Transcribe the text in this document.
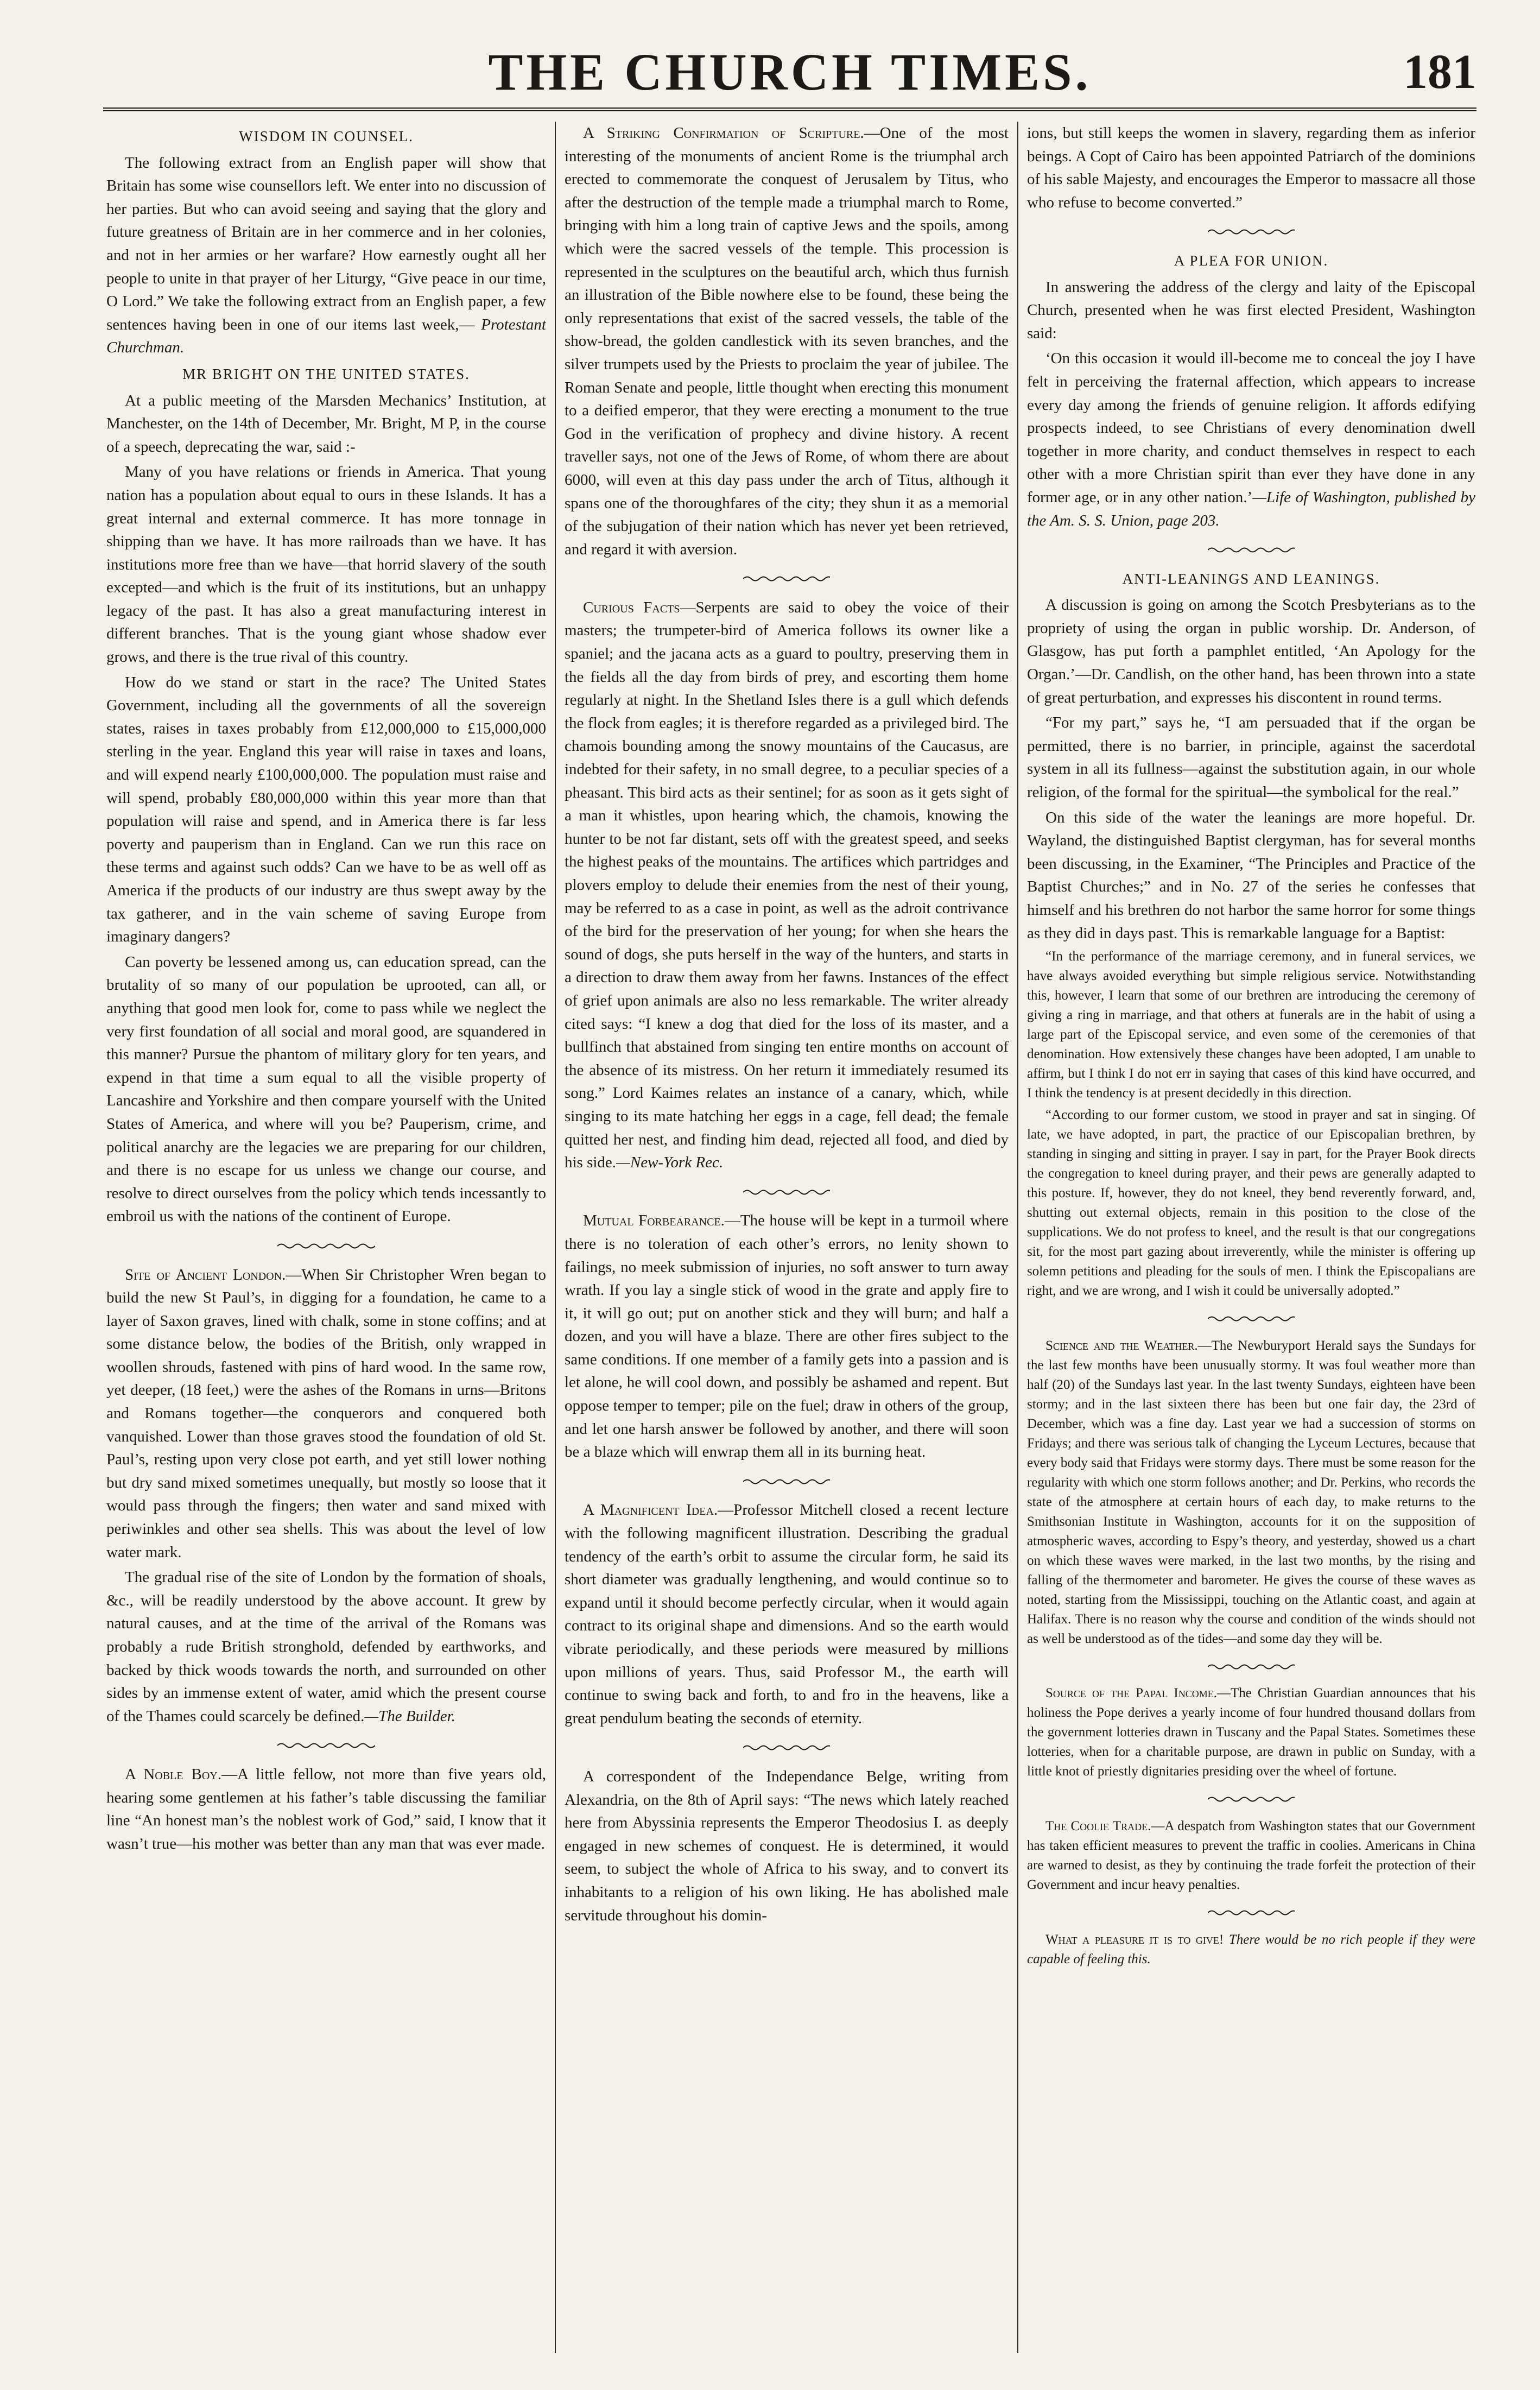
THE CHURCH TIMES.	181
WISDOM IN COUNSEL.

The following extract from an English paper will show that Britain has some wise counsellors left. We enter into no discussion of her parties. But who can avoid seeing and saying that the glory and future greatness of Britain are in her commerce and in her colonies, and not in her armies or her warfare? How earnestly ought all her people to unite in that prayer of her Liturgy, “Give peace in our time, O Lord.” We take the following extract from an English paper, a few sentences having been in one of our items last week,— Protestant Churchman.

MR BRIGHT ON THE UNITED STATES.

At a public meeting of the Marsden Mechanics’ Institution, at Manchester, on the 14th of December, Mr. Bright, M P, in the course of a speech, deprecating the war, said :-

Many of you have relations or friends in America. That young nation has a population about equal to ours in these Islands. It has a great internal and external commerce. It has more tonnage in shipping than we have. It has more railroads than we have. It has institutions more free than we have—that horrid slavery of the south excepted—and which is the fruit of its institutions, but an unhappy legacy of the past. It has also a great manufacturing interest in different branches. That is the young giant whose shadow ever grows, and there is the true rival of this country.

How do we stand or start in the race? The United States Government, including all the governments of all the sovereign states, raises in taxes probably from £12,000,000 to £15,000,000 sterling in the year. England this year will raise in taxes and loans, and will expend nearly £100,000,000. The population must raise and will spend, probably £80,000,000 within this year more than that population will raise and spend, and in America there is far less poverty and pauperism than in England. Can we run this race on these terms and against such odds? Can we have to be as well off as America if the products of our industry are thus swept away by the tax gatherer, and in the vain scheme of saving Europe from imaginary dangers?

Can poverty be lessened among us, can education spread, can the brutality of so many of our population be uprooted, can all, or anything that good men look for, come to pass while we neglect the very first foundation of all social and moral good, are squandered in this manner? Pursue the phantom of military glory for ten years, and expend in that time a sum equal to all the visible property of Lancashire and Yorkshire and then compare yourself with the United States of America, and where will you be? Pauperism, crime, and political anarchy are the legacies we are preparing for our children, and there is no escape for us unless we change our course, and resolve to direct ourselves from the policy which tends incessantly to embroil us with the nations of the continent of Europe.

Site of Ancient London.—When Sir Christopher Wren began to build the new St Paul’s, in digging for a foundation, he came to a layer of Saxon graves, lined with chalk, some in stone coffins; and at some distance below, the bodies of the British, only wrapped in woollen shrouds, fastened with pins of hard wood. In the same row, yet deeper, (18 feet,) were the ashes of the Romans in urns—Britons and Romans together—the conquerors and conquered both vanquished. Lower than those graves stood the foundation of old St. Paul’s, resting upon very close pot earth, and yet still lower nothing but dry sand mixed sometimes unequally, but mostly so loose that it would pass through the fingers; then water and sand mixed with periwinkles and other sea shells. This was about the level of low water mark.

The gradual rise of the site of London by the formation of shoals, &c., will be readily understood by the above account. It grew by natural causes, and at the time of the arrival of the Romans was probably a rude British stronghold, defended by earthworks, and backed by thick woods towards the north, and surrounded on other sides by an immense extent of water, amid which the present course of the Thames could scarcely be defined.—The Builder.

A Noble Boy.—A little fellow, not more than five years old, hearing some gentlemen at his father’s table discussing the familiar line “An honest man’s the noblest work of God,” said, I know that it wasn’t true—his mother was better than any man that was ever made.

A Striking Confirmation of Scripture.—One of the most interesting of the monuments of ancient Rome is the triumphal arch erected to commemorate the conquest of Jerusalem by Titus, who after the destruction of the temple made a triumphal march to Rome, bringing with him a long train of captive Jews and the spoils, among which were the sacred vessels of the temple. This procession is represented in the sculptures on the beautiful arch, which thus furnish an illustration of the Bible nowhere else to be found, these being the only representations that exist of the sacred vessels, the table of the show-bread, the golden candlestick with its seven branches, and the silver trumpets used by the Priests to proclaim the year of jubilee. The Roman Senate and people, little thought when erecting this monument to a deified emperor, that they were erecting a monument to the true God in the verification of prophecy and divine history. A recent traveller says, not one of the Jews of Rome, of whom there are about 6000, will even at this day pass under the arch of Titus, although it spans one of the thoroughfares of the city; they shun it as a memorial of the subjugation of their nation which has never yet been retrieved, and regard it with aversion.

Curious Facts—Serpents are said to obey the voice of their masters; the trumpeter-bird of America follows its owner like a spaniel; and the jacana acts as a guard to poultry, preserving them in the fields all the day from birds of prey, and escorting them home regularly at night. In the Shetland Isles there is a gull which defends the flock from eagles; it is therefore regarded as a privileged bird. The chamois bounding among the snowy mountains of the Caucasus, are indebted for their safety, in no small degree, to a peculiar species of a pheasant. This bird acts as their sentinel; for as soon as it gets sight of a man it whistles, upon hearing which, the chamois, knowing the hunter to be not far distant, sets off with the greatest speed, and seeks the highest peaks of the mountains. The artifices which partridges and plovers employ to delude their enemies from the nest of their young, may be referred to as a case in point, as well as the adroit contrivance of the bird for the preservation of her young; for when she hears the sound of dogs, she puts herself in the way of the hunters, and starts in a direction to draw them away from her fawns. Instances of the effect of grief upon animals are also no less remarkable. The writer already cited says: “I knew a dog that died for the loss of its master, and a bullfinch that abstained from singing ten entire months on account of the absence of its mistress. On her return it immediately resumed its song.” Lord Kaimes relates an instance of a canary, which, while singing to its mate hatching her eggs in a cage, fell dead; the female quitted her nest, and finding him dead, rejected all food, and died by his side.—New-York Rec.

Mutual Forbearance.—The house will be kept in a turmoil where there is no toleration of each other’s errors, no lenity shown to failings, no meek submission of injuries, no soft answer to turn away wrath. If you lay a single stick of wood in the grate and apply fire to it, it will go out; put on another stick and they will burn; and half a dozen, and you will have a blaze. There are other fires subject to the same conditions. If one member of a family gets into a passion and is let alone, he will cool down, and possibly be ashamed and repent. But oppose temper to temper; pile on the fuel; draw in others of the group, and let one harsh answer be followed by another, and there will soon be a blaze which will enwrap them all in its burning heat.

A Magnificent Idea.—Professor Mitchell closed a recent lecture with the following magnificent illustration. Describing the gradual tendency of the earth’s orbit to assume the circular form, he said its short diameter was gradually lengthening, and would continue so to expand until it should become perfectly circular, when it would again contract to its original shape and dimensions. And so the earth would vibrate periodically, and these periods were measured by millions upon millions of years. Thus, said Professor M., the earth will continue to swing back and forth, to and fro in the heavens, like a great pendulum beating the seconds of eternity.

A correspondent of the Independance Belge, writing from Alexandria, on the 8th of April says: “The news which lately reached here from Abyssinia represents the Emperor Theodosius I. as deeply engaged in new schemes of conquest. He is determined, it would seem, to subject the whole of Africa to his sway, and to convert its inhabitants to a religion of his own liking. He has abolished male servitude throughout his domin-

ions, but still keeps the women in slavery, regarding them as inferior beings. A Copt of Cairo has been appointed Patriarch of the dominions of his sable Majesty, and encourages the Emperor to massacre all those who refuse to become converted.”

A PLEA FOR UNION.

In answering the address of the clergy and laity of the Episcopal Church, presented when he was first elected President, Washington said:

‘On this occasion it would ill-become me to conceal the joy I have felt in perceiving the fraternal affection, which appears to increase every day among the friends of genuine religion. It affords edifying prospects indeed, to see Christians of every denomination dwell together in more charity, and conduct themselves in respect to each other with a more Christian spirit than ever they have done in any former age, or in any other nation.’—Life of Washington, published by the Am. S. S. Union, page 203.

ANTI-LEANINGS AND LEANINGS.

A discussion is going on among the Scotch Presbyterians as to the propriety of using the organ in public worship. Dr. Anderson, of Glasgow, has put forth a pamphlet entitled, ‘An Apology for the Organ.’—Dr. Candlish, on the other hand, has been thrown into a state of great perturbation, and expresses his discontent in round terms.

“For my part,” says he, “I am persuaded that if the organ be permitted, there is no barrier, in principle, against the sacerdotal system in all its fullness—against the substitution again, in our whole religion, of the formal for the spiritual—the symbolical for the real.”

On this side of the water the leanings are more hopeful. Dr. Wayland, the distinguished Baptist clergyman, has for several months been discussing, in the Examiner, “The Principles and Practice of the Baptist Churches;” and in No. 27 of the series he confesses that himself and his brethren do not harbor the same horror for some things as they did in days past. This is remarkable language for a Baptist:

“In the performance of the marriage ceremony, and in funeral services, we have always avoided everything but simple religious service. Notwithstanding this, however, I learn that some of our brethren are introducing the ceremony of giving a ring in marriage, and that others at funerals are in the habit of using a large part of the Episcopal service, and even some of the ceremonies of that denomination. How extensively these changes have been adopted, I am unable to affirm, but I think I do not err in saying that cases of this kind have occurred, and I think the tendency is at present decidedly in this direction.

“According to our former custom, we stood in prayer and sat in singing. Of late, we have adopted, in part, the practice of our Episcopalian brethren, by standing in singing and sitting in prayer. I say in part, for the Prayer Book directs the congregation to kneel during prayer, and their pews are generally adapted to this posture. If, however, they do not kneel, they bend reverently forward, and, shutting out external objects, remain in this position to the close of the supplications. We do not profess to kneel, and the result is that our congregations sit, for the most part gazing about irreverently, while the minister is offering up solemn petitions and pleading for the souls of men. I think the Episcopalians are right, and we are wrong, and I wish it could be universally adopted.”

Science and the Weather.—The Newburyport Herald says the Sundays for the last few months have been unusually stormy. It was foul weather more than half (20) of the Sundays last year. In the last twenty Sundays, eighteen have been stormy; and in the last sixteen there has been but one fair day, the 23rd of December, which was a fine day. Last year we had a succession of storms on Fridays; and there was serious talk of changing the Lyceum Lectures, because that every body said that Fridays were stormy days. There must be some reason for the regularity with which one storm follows another; and Dr. Perkins, who records the state of the atmosphere at certain hours of each day, to make returns to the Smithsonian Institute in Washington, accounts for it on the supposition of atmospheric waves, according to Espy’s theory, and yesterday, showed us a chart on which these waves were marked, in the last two months, by the rising and falling of the thermometer and barometer. He gives the course of these waves as noted, starting from the Mississippi, touching on the Atlantic coast, and again at Halifax. There is no reason why the course and condition of the winds should not as well be understood as of the tides—and some day they will be.

Source of the Papal Income.—The Christian Guardian announces that his holiness the Pope derives a yearly income of four hundred thousand dollars from the government lotteries drawn in Tuscany and the Papal States. Sometimes these lotteries, when for a charitable purpose, are drawn in public on Sunday, with a little knot of priestly dignitaries presiding over the wheel of fortune.

The Coolie Trade.—A despatch from Washington states that our Government has taken efficient measures to prevent the traffic in coolies. Americans in China are warned to desist, as they by continuing the trade forfeit the protection of their Government and incur heavy penalties.

What a pleasure it is to give! There would be no rich people if they were capable of feeling this.
